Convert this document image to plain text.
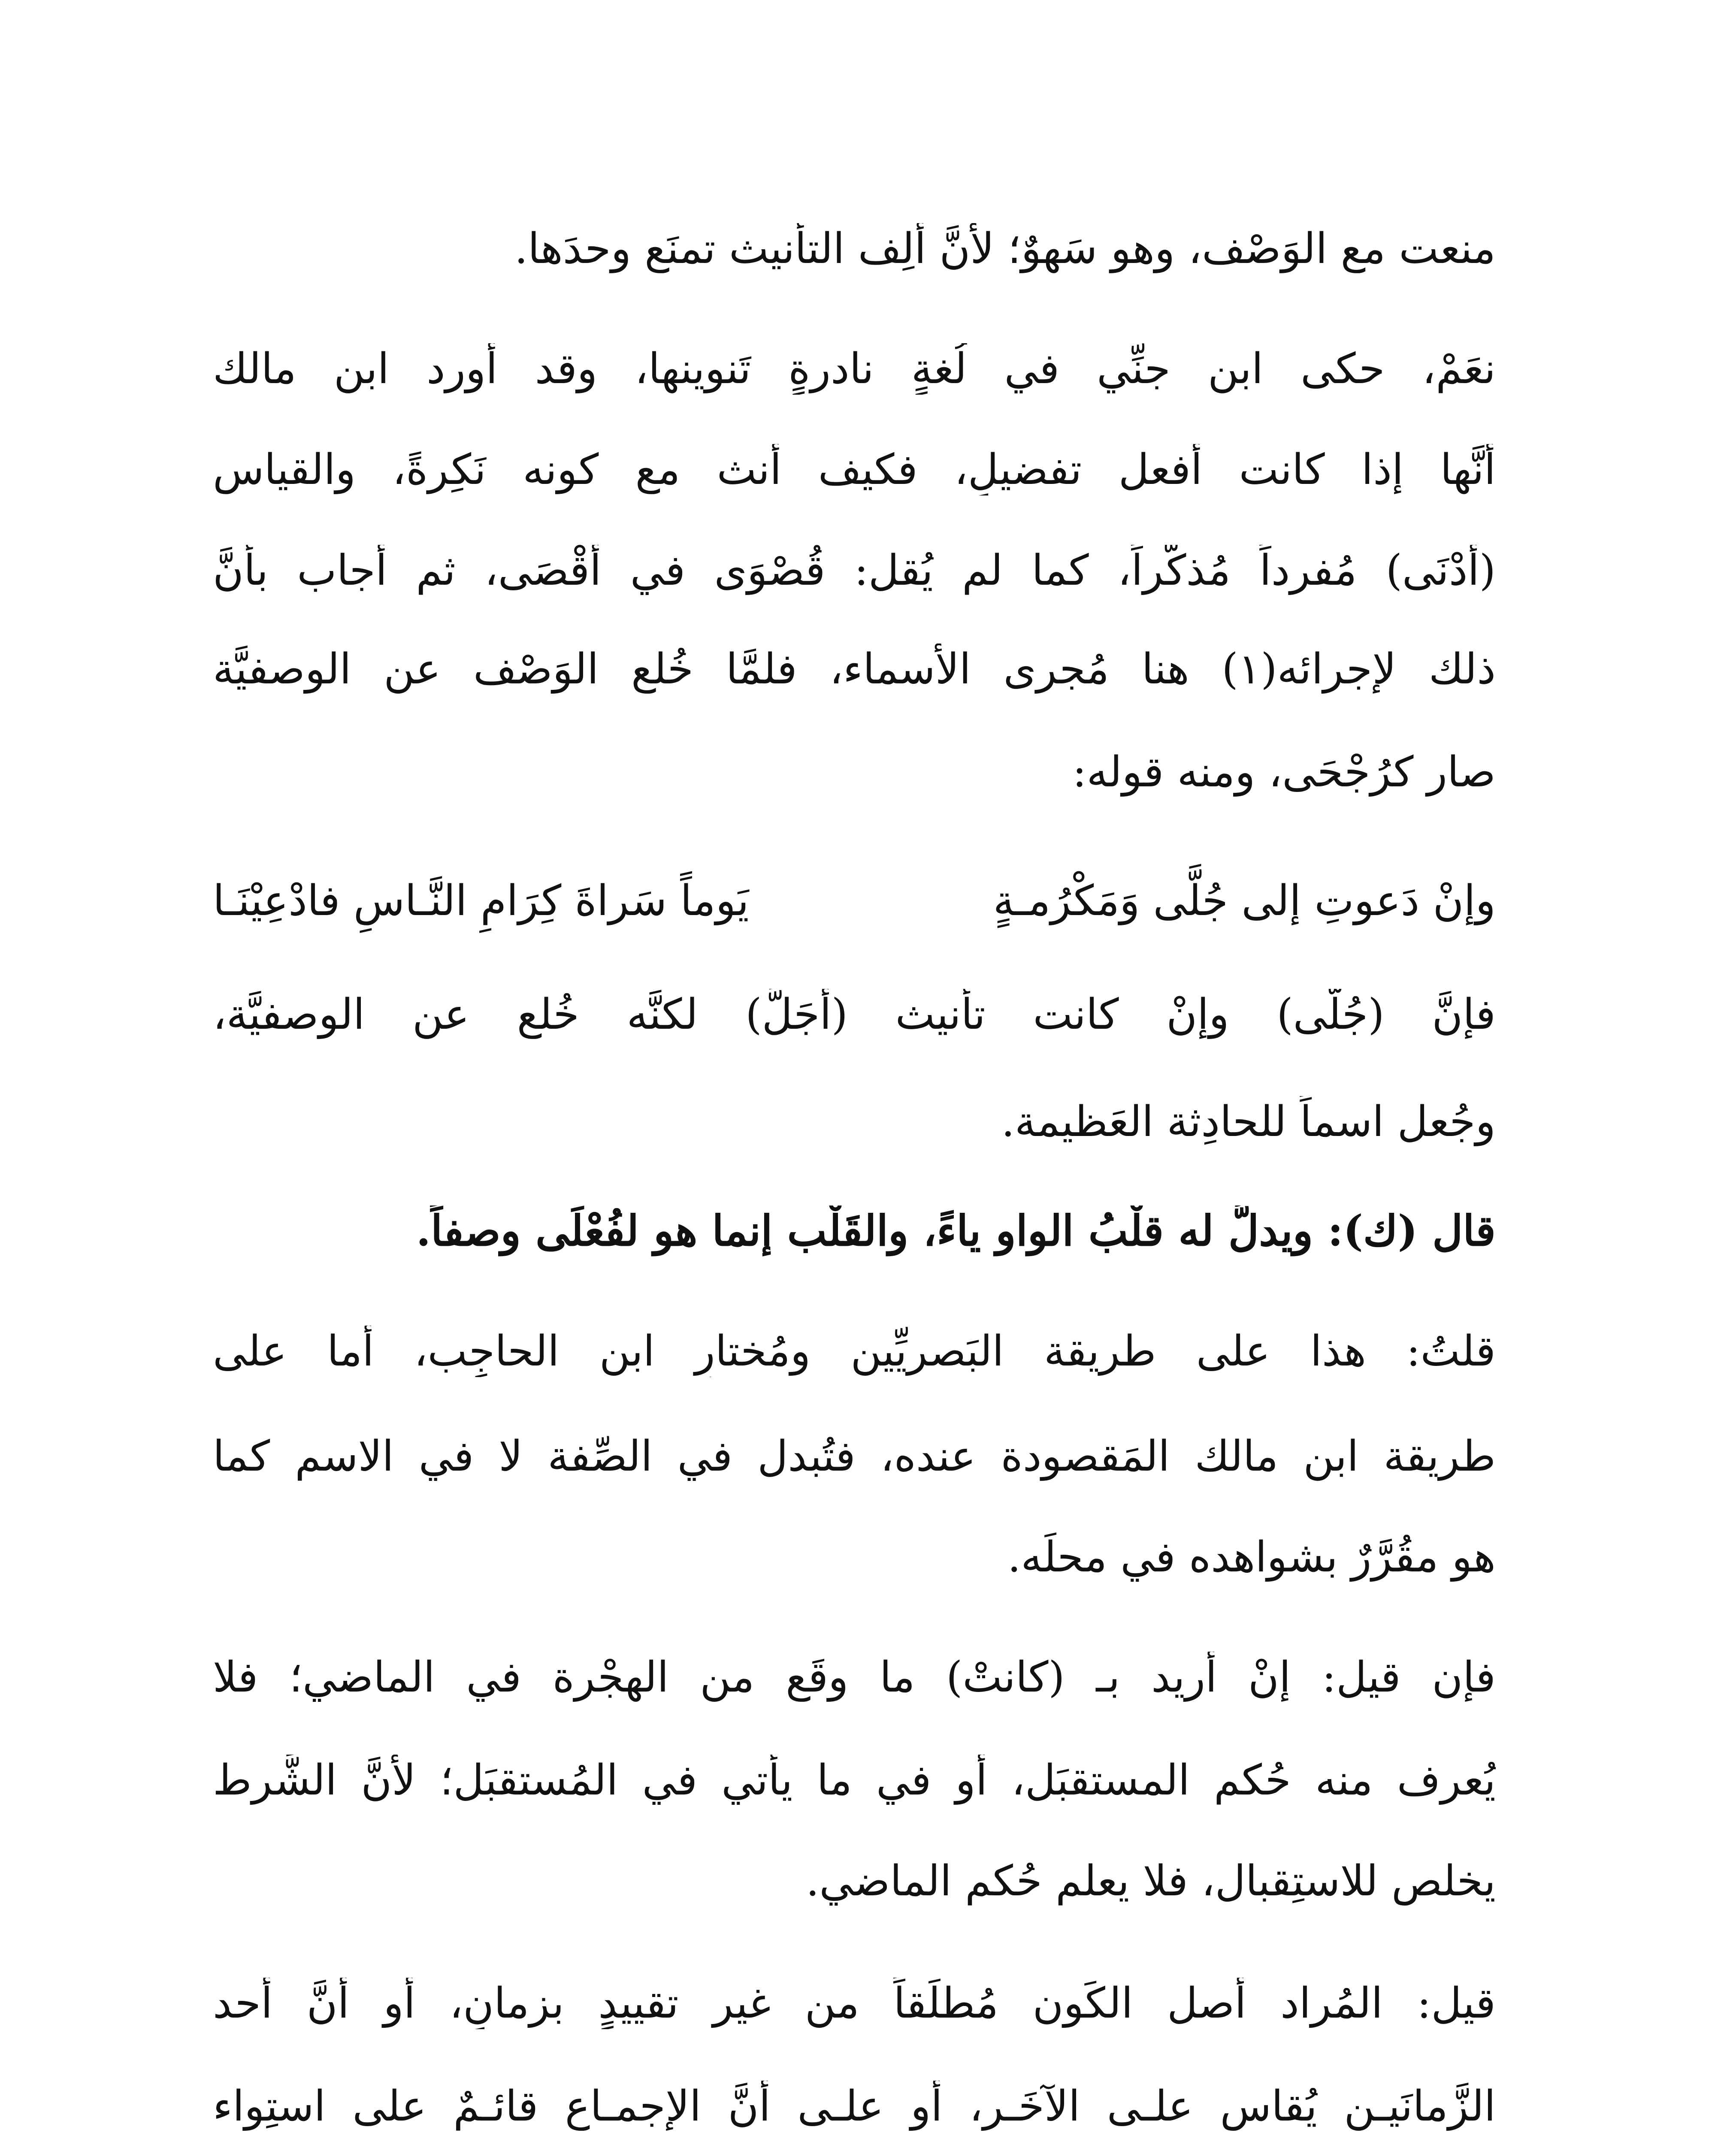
منعت مع الوَصْف، وهو سَهوٌ؛ لأنَّ أَلِف التأنيث تمنَع وحدَها.
نعَمْ، حكى ابن جنِّي في لُغةٍ نادرةٍ تَنوينها، وقد أَورد ابن مالك
أَنَّها إذا كانت أَفعل تفضيلٍ، فكيف أنث مع كونه نَكِرةً، والقياس
(أَدْنَى) مُفرداً مُذكَّراً، كما لم يُقل: قُصْوَى في أَقْصَى، ثم أجاب بأَنَّ
ذلك لإجرائه(١) هنا مُجرى الأَسماء، فلمَّا خُلع الوَصْف عن الوصفيَّة
صار كرُجْحَى، ومنه قوله:
وإنْ دَعوتِ إلى جُلَّى وَمَكْرُمـةٍ
يَوماً سَراةَ كِرَامِ النَّـاسِ فادْعِيْنَـا
فإنَّ (جُلَّى) وإنْ كانت تأْنيث (أَجَلَّ) لكنَّه خُلع عن الوصفيَّة،
وجُعل اسماً للحادِثة العَظيمة.
قال (ك): ويدلُّ له قلْبُ الواو ياءً، والقَلْب إنما هو لفُعْلَى وصفاً.
قلتُ: هذا على طريقة البَصريِّين ومُختارِ ابن الحاجِب، أما على
طريقة ابن مالك المَقصودة عنده، فتُبدل في الصِّفة لا في الاسم كما
هو مقُرَّرٌ بشواهده في محلِّه.
فإن قيل: إنْ أُريد بـ (كانتْ) ما وقَع من الهجْرة في الماضي؛ فلا
يُعرف منه حُكم المستقبَل، أو في ما يأْتي في المُستقبَل؛ لأنَّ الشَّرط
يخلص للاستِقبال، فلا يعلم حُكم الماضي.
قيل: المُراد أَصل الكَون مُطلَقاً من غير تقييدٍ بزمانٍ، أو أنَّ أَحد
الزَّمانَيـن يُقاس علـى الآخَـر، أو علـى أنَّ الإجمـاع قائـمٌ على استِواء
